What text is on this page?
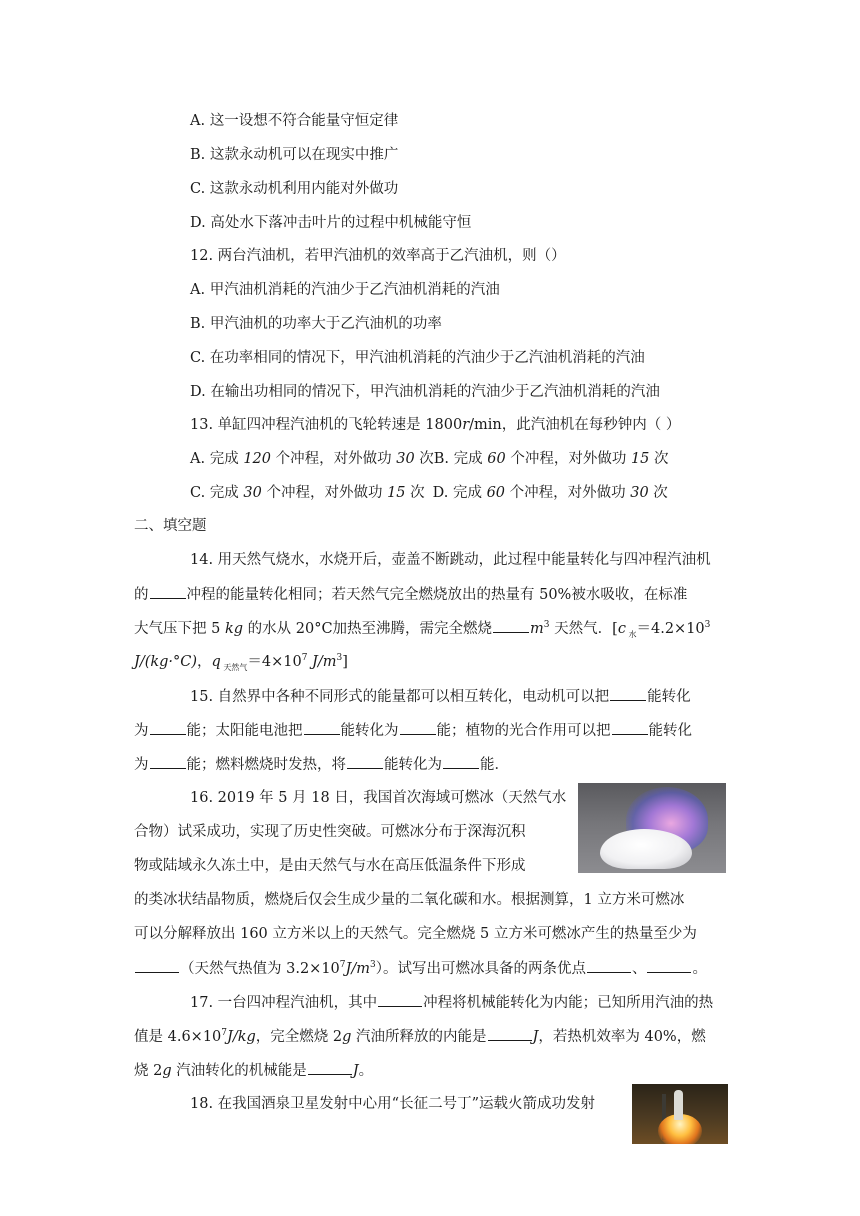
A. 这一设想不符合能量守恒定律
B. 这款永动机可以在现实中推广
C. 这款永动机利用内能对外做功
D. 高处水下落冲击叶片的过程中机械能守恒
12. 两台汽油机，若甲汽油机的效率高于乙汽油机，则（）
A. 甲汽油机消耗的汽油少于乙汽油机消耗的汽油
B. 甲汽油机的功率大于乙汽油机的功率
C. 在功率相同的情况下，甲汽油机消耗的汽油少于乙汽油机消耗的汽油
D. 在输出功相同的情况下，甲汽油机消耗的汽油少于乙汽油机消耗的汽油
13. 单缸四冲程汽油机的飞轮转速是 1800r/min，此汽油机在每秒钟内（ ）
A. 完成 120 个冲程，对外做功 30 次B. 完成 60 个冲程，对外做功 15 次
C. 完成 30 个冲程，对外做功 15 次 D. 完成 60 个冲程，对外做功 30 次
二、填空题
14. 用天然气烧水，水烧开后，壶盖不断跳动，此过程中能量转化与四冲程汽油机
的	冲程的能量转化相同；若天然气完全燃烧放出的热量有 50%被水吸收，在标准
大气压下把 5 kg 的水从 20°C加热至沸腾，需完全燃烧	$m^3$ 天然气．[c $_水=4.2\times 10^3$
J/(kg·°C)，q $_{天然气}=4\times 10^7$ $J/m^3$]
15. 自然界中各种不同形式的能量都可以相互转化，电动机可以把	能转化
为	能；太阳能电池把	能转化为	能；植物的光合作用可以把	能转化
为	能；燃料燃烧时发热，将	能转化为	能．
16. 2019 年 5 月 18 日，我国首次海域可燃冰（天然气水
合物）试采成功，实现了历史性突破。可燃冰分布于深海沉积
物或陆域永久冻土中，是由天然气与水在高压低温条件下形成
的类冰状结晶物质，燃烧后仅会生成少量的二氧化碳和水。根据测算，1 立方米可燃冰
可以分解释放出 160 立方米以上的天然气。完全燃烧 5 立方米可燃冰产生的热量至少为
（天然气热值为 $3.2\times 10^7J/m^3$）。试写出可燃冰具备的两条优点	、	。
17. 一台四冲程汽油机，其中	冲程将机械能转化为内能；已知所用汽油的热
值是 $4.6\times 10^7J/kg$，完全燃烧 2g 汽油所释放的内能是	J，若热机效率为 40%，燃
烧 2g 汽油转化的机械能是	J。
18. 在我国酒泉卫星发射中心用“长征二号丁”运载火箭成功发射
